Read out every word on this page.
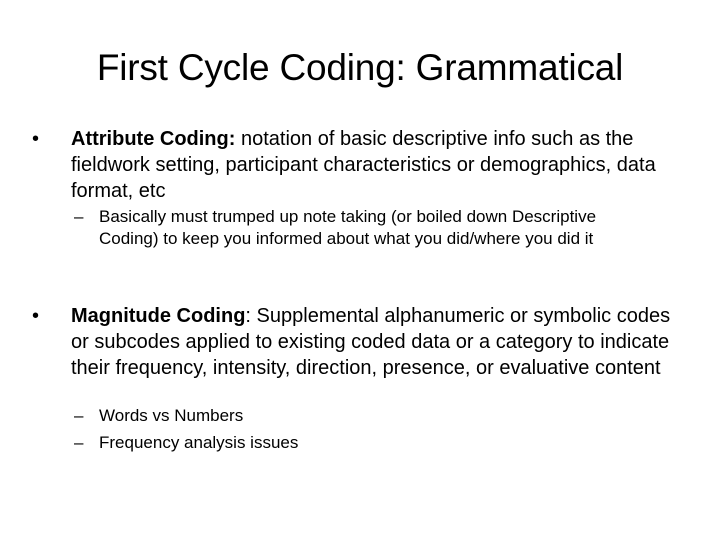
First Cycle Coding: Grammatical
•	Attribute Coding: notation of basic descriptive info such as the fieldwork setting, participant characteristics or demographics, data format, etc
– Basically must trumped up note taking (or boiled down Descriptive Coding) to keep you informed about what you did/where you did it
•	Magnitude Coding: Supplemental alphanumeric or symbolic codes or subcodes applied to existing coded data or a category to indicate their frequency, intensity, direction, presence, or evaluative content
– Words vs Numbers
– Frequency analysis issues
